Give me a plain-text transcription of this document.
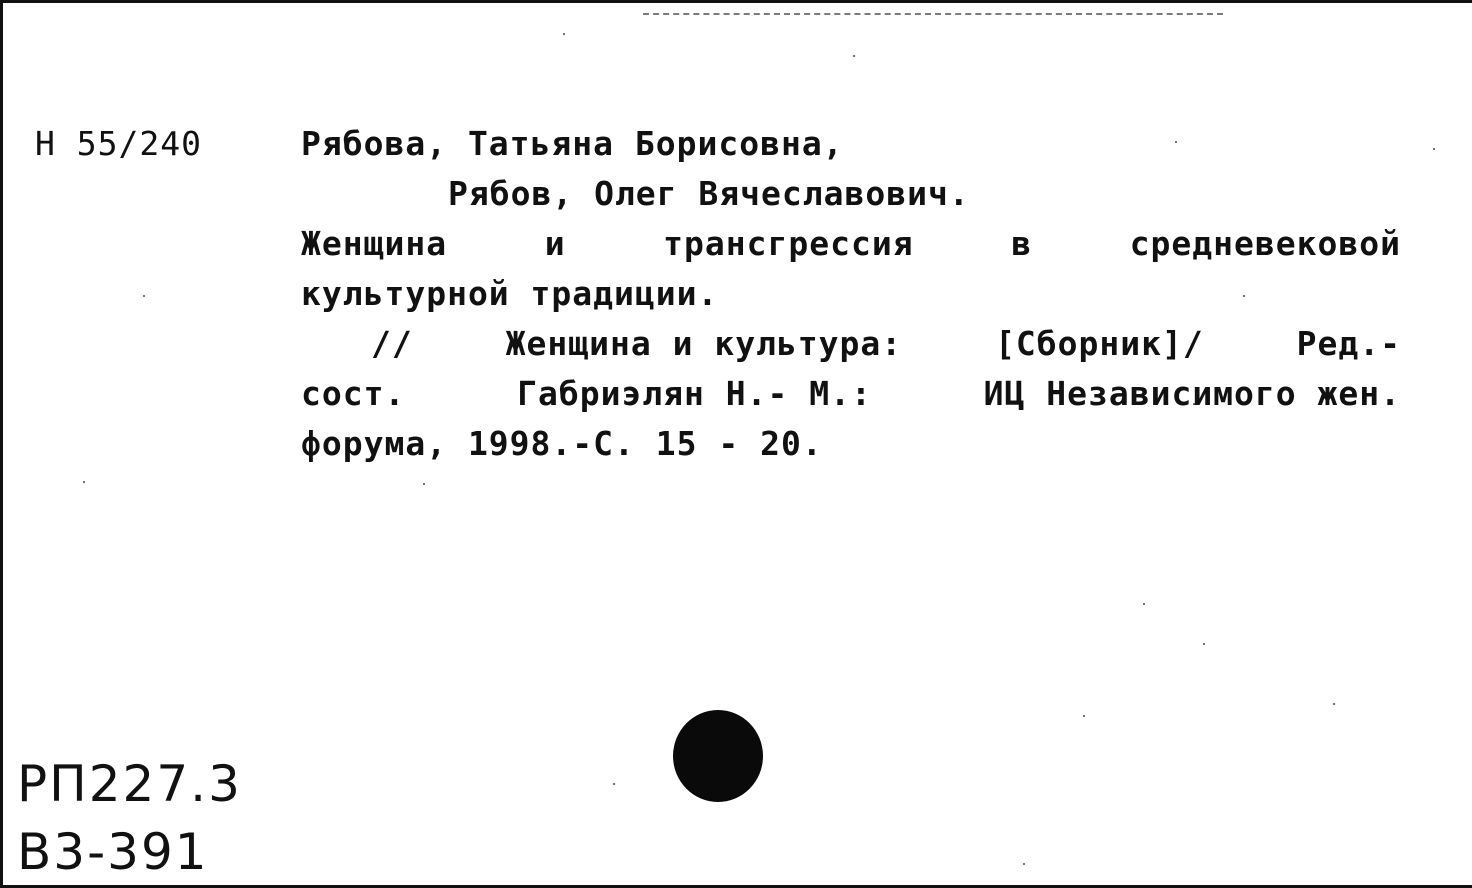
Н 55/240	Рябова, Татьяна Борисовна,
Рябов, Олег Вячеславович.
Женщина	и	трансгрессия	в	средневековой
культурной традиции.
//	Женщина и культура:	[Сборник]/	Ред.-
сост.	Габриэлян Н.- М.:	ИЦ Независимого жен.
форума, 1998.-С. 15 - 20.
РП227.3
В3-391
